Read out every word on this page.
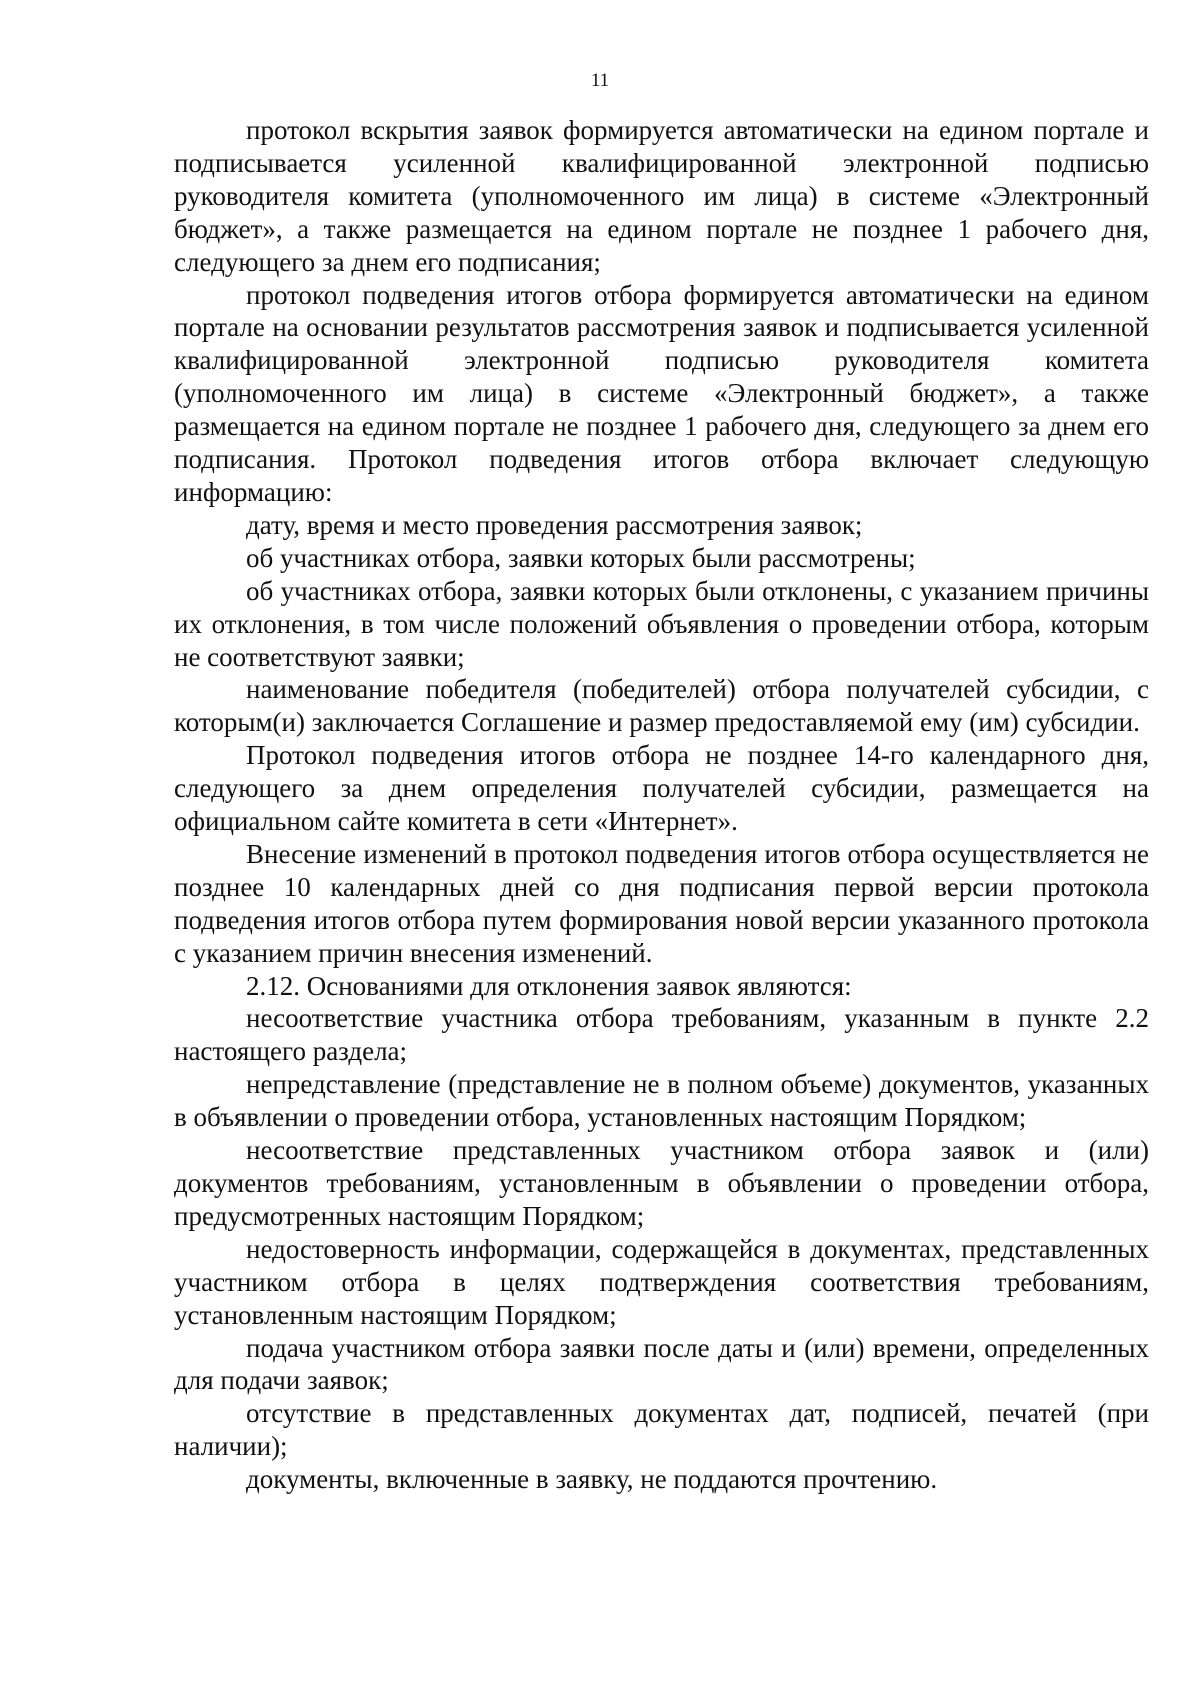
11

протокол вскрытия заявок формируется автоматически на едином портале и подписывается усиленной квалифицированной электронной подписью руководителя комитета (уполномоченного им лица) в системе «Электронный бюджет», а также размещается на едином портале не позднее 1 рабочего дня, следующего за днем его подписания;

протокол подведения итогов отбора формируется автоматически на едином портале на основании результатов рассмотрения заявок и подписывается усиленной квалифицированной электронной подписью руководителя комитета (уполномоченного им лица) в системе «Электронный бюджет», а также размещается на едином портале не позднее 1 рабочего дня, следующего за днем его подписания. Протокол подведения итогов отбора включает следующую информацию:

дату, время и место проведения рассмотрения заявок;

об участниках отбора, заявки которых были рассмотрены;

об участниках отбора, заявки которых были отклонены, с указанием причины их отклонения, в том числе положений объявления о проведении отбора, которым не соответствуют заявки;

наименование победителя (победителей) отбора получателей субсидии, с которым(и) заключается Соглашение и размер предоставляемой ему (им) субсидии.

Протокол подведения итогов отбора не позднее 14-го календарного дня, следующего за днем определения получателей субсидии, размещается на официальном сайте комитета в сети «Интернет».

Внесение изменений в протокол подведения итогов отбора осуществляется не позднее 10 календарных дней со дня подписания первой версии протокола подведения итогов отбора путем формирования новой версии указанного протокола с указанием причин внесения изменений.

2.12. Основаниями для отклонения заявок являются:

несоответствие участника отбора требованиям, указанным в пункте 2.2 настоящего раздела;

непредставление (представление не в полном объеме) документов, указанных в объявлении о проведении отбора, установленных настоящим Порядком;

несоответствие представленных участником отбора заявок и (или) документов требованиям, установленным в объявлении о проведении отбора, предусмотренных настоящим Порядком;

недостоверность информации, содержащейся в документах, представленных участником отбора в целях подтверждения соответствия требованиям, установленным настоящим Порядком;

подача участником отбора заявки после даты и (или) времени, определенных для подачи заявок;

отсутствие в представленных документах дат, подписей, печатей (при наличии);

документы, включенные в заявку, не поддаются прочтению.
